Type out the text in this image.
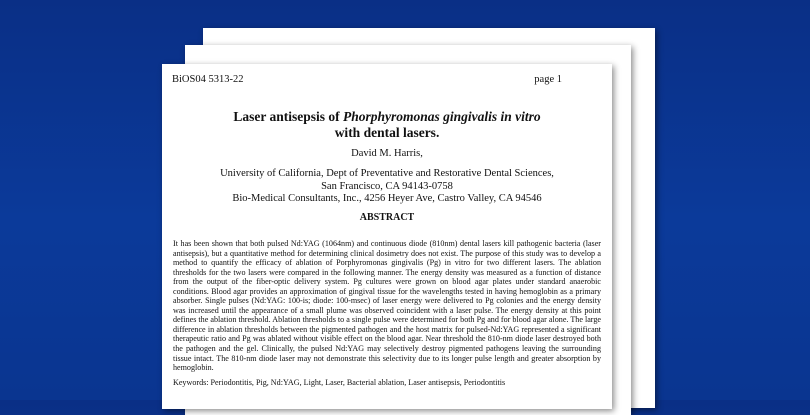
BiOS04 5313-22	page 1
Laser antisepsis of Phorphyromonas gingivalis in vitro
with dental lasers.
David M. Harris,
University of California, Dept of Preventative and Restorative Dental Sciences,
San Francisco, CA 94143-0758
Bio-Medical Consultants, Inc., 4256 Heyer Ave, Castro Valley, CA 94546
ABSTRACT

It has been shown that both pulsed Nd:YAG (1064nm) and continuous diode (810nm) dental lasers kill pathogenic bacteria (laser antisepsis), but a quantitative method for determining clinical dosimetry does not exist. The purpose of this study was to develop a method to quantify the efficacy of ablation of Porphyromonas gingivalis (Pg) in vitro for two different lasers. The ablation thresholds for the two lasers were compared in the following manner. The energy density was measured as a function of distance from the output of the fiber-optic delivery system. Pg cultures were grown on blood agar plates under standard anaerobic conditions. Blood agar provides an approximation of gingival tissue for the wavelengths tested in having hemoglobin as a primary absorber. Single pulses (Nd:YAG: 100-is; diode: 100-msec) of laser energy were delivered to Pg colonies and the energy density was increased until the appearance of a small plume was observed coincident with a laser pulse. The energy density at this point defines the ablation threshold. Ablation thresholds to a single pulse were determined for both Pg and for blood agar alone. The large difference in ablation thresholds between the pigmented pathogen and the host matrix for pulsed-Nd:YAG represented a significant therapeutic ratio and Pg was ablated without visible effect on the blood agar. Near threshold the 810-nm diode laser destroyed both the pathogen and the gel. Clinically, the pulsed Nd:YAG may selectively destroy pigmented pathogens leaving the surrounding tissue intact. The 810-nm diode laser may not demonstrate this selectivity due to its longer pulse length and greater absorption by hemoglobin.

Keywords: Periodontitis, Pig, Nd:YAG, Light, Laser, Bacterial ablation, Laser antisepsis, Periodontitis
